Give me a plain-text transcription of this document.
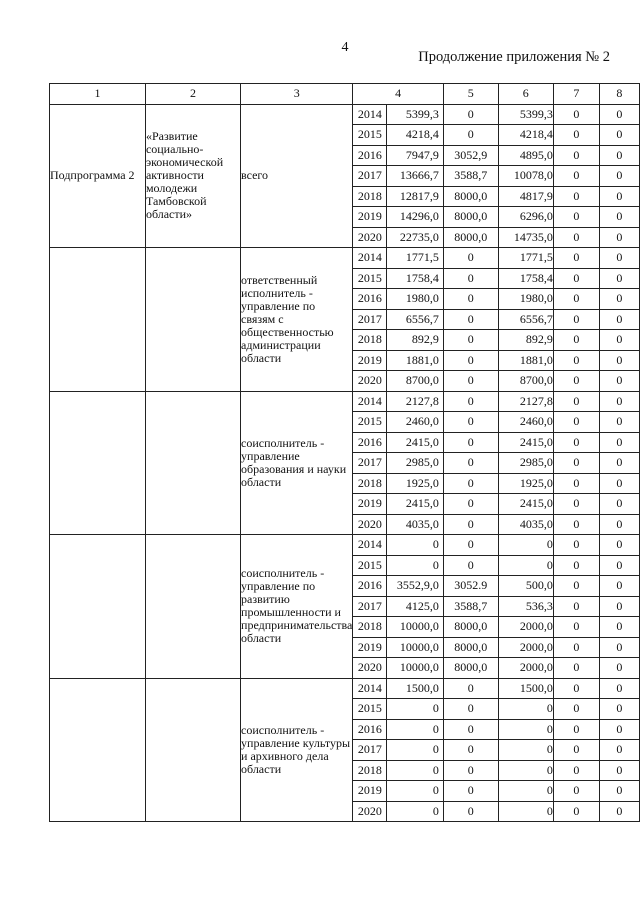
4
Продолжение приложения № 2
1	2	3	4	5	6	7	8
Подпрограмма 2	«Развитие социально-экономической активности молодежи Тамбовской области»	всего	2014 5399,3	0	5399,3	0	0

2015 4218,4	0	4218,4	0	0

2016 7947,9	3052,9	4895,0	0	0

2017 13666,7	3588,7	10078,0	0	0

2018 12817,9	8000,0	4817,9	0	0

2019 14296,0	8000,0	6296,0	0	0

2020 22735,0	8000,0	14735,0	0	0
		ответственный исполнитель - управление по связям с общественностью администрации области	2014 1771,5	0	1771,5	0	0

2015 1758,4	0	1758,4	0	0

2016 1980,0	0	1980,0	0	0

2017 6556,7	0	6556,7	0	0

2018 892,9	0	892,9	0	0

2019 1881,0	0	1881,0	0	0

2020 8700,0	0	8700,0	0	0
		соисполнитель - управление образования и науки области	2014 2127,8	0	2127,8	0	0

2015 2460,0	0	2460,0	0	0

2016 2415,0	0	2415,0	0	0

2017 2985,0	0	2985,0	0	0

2018 1925,0	0	1925,0	0	0

2019 2415,0	0	2415,0	0	0

2020 4035,0	0	4035,0	0	0
		соисполнитель - управление по развитию промышленности и предпринимательства области	2014 0	0	0	0	0

2015 0	0	0	0	0

2016 3552,9,0	3052.9	500,0	0	0

2017 4125,0	3588,7	536,3	0	0

2018 10000,0	8000,0	2000,0	0	0

2019 10000,0	8000,0	2000,0	0	0

2020 10000,0	8000,0	2000,0	0	0
		соисполнитель - управление культуры и архивного дела области	2014 1500,0	0	1500,0	0	0

2015 0	0	0	0	0

2016 0	0	0	0	0

2017 0	0	0	0	0

2018 0	0	0	0	0

2019 0	0	0	0	0

2020 0	0	0	0	0
